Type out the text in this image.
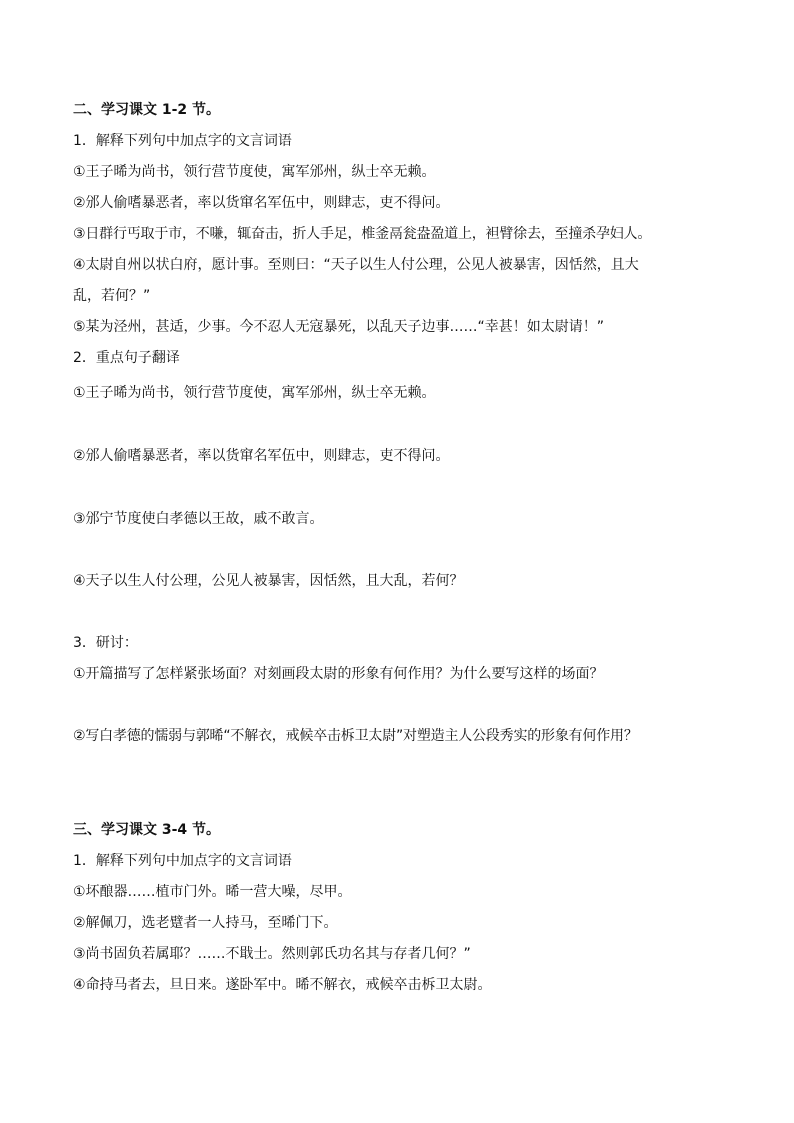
二、学习课文 1-2 节。
1．解释下列句中加点字的文言词语
①王子晞为尚书，领行营节度使，寓军邠州，纵士卒无赖。
②邠人偷嗜暴恶者，率以货窜名军伍中，则肆志，吏不得问。
③日群行丐取于市，不嗛，辄奋击，折人手足，椎釜鬲瓮盎盈道上，袒臂徐去，至撞杀孕妇人。
④太尉自州以状白府，愿计事。至则曰：“天子以生人付公理，公见人被暴害，因恬然，且大
乱，若何？”
⑤某为泾州，甚适，少事。今不忍人无寇暴死，以乱天子边事……“幸甚！如太尉请！”
2．重点句子翻译
①王子晞为尚书，领行营节度使，寓军邠州，纵士卒无赖。
②邠人偷嗜暴恶者，率以货窜名军伍中，则肆志，吏不得问。
③邠宁节度使白孝德以王故，戚不敢言。
④天子以生人付公理，公见人被暴害，因恬然，且大乱，若何？
3．研讨：
①开篇描写了怎样紧张场面？对刻画段太尉的形象有何作用？为什么要写这样的场面？
②写白孝德的懦弱与郭晞“不解衣，戒候卒击柝卫太尉”对塑造主人公段秀实的形象有何作用？
三、学习课文 3-4 节。
1．解释下列句中加点字的文言词语
①坏酿器……植市门外。晞一营大噪，尽甲。
②解佩刀，选老躄者一人持马，至晞门下。
③尚书固负若属耶？……不戢士。然则郭氏功名其与存者几何？”
④命持马者去，旦日来。遂卧军中。晞不解衣，戒候卒击柝卫太尉。
